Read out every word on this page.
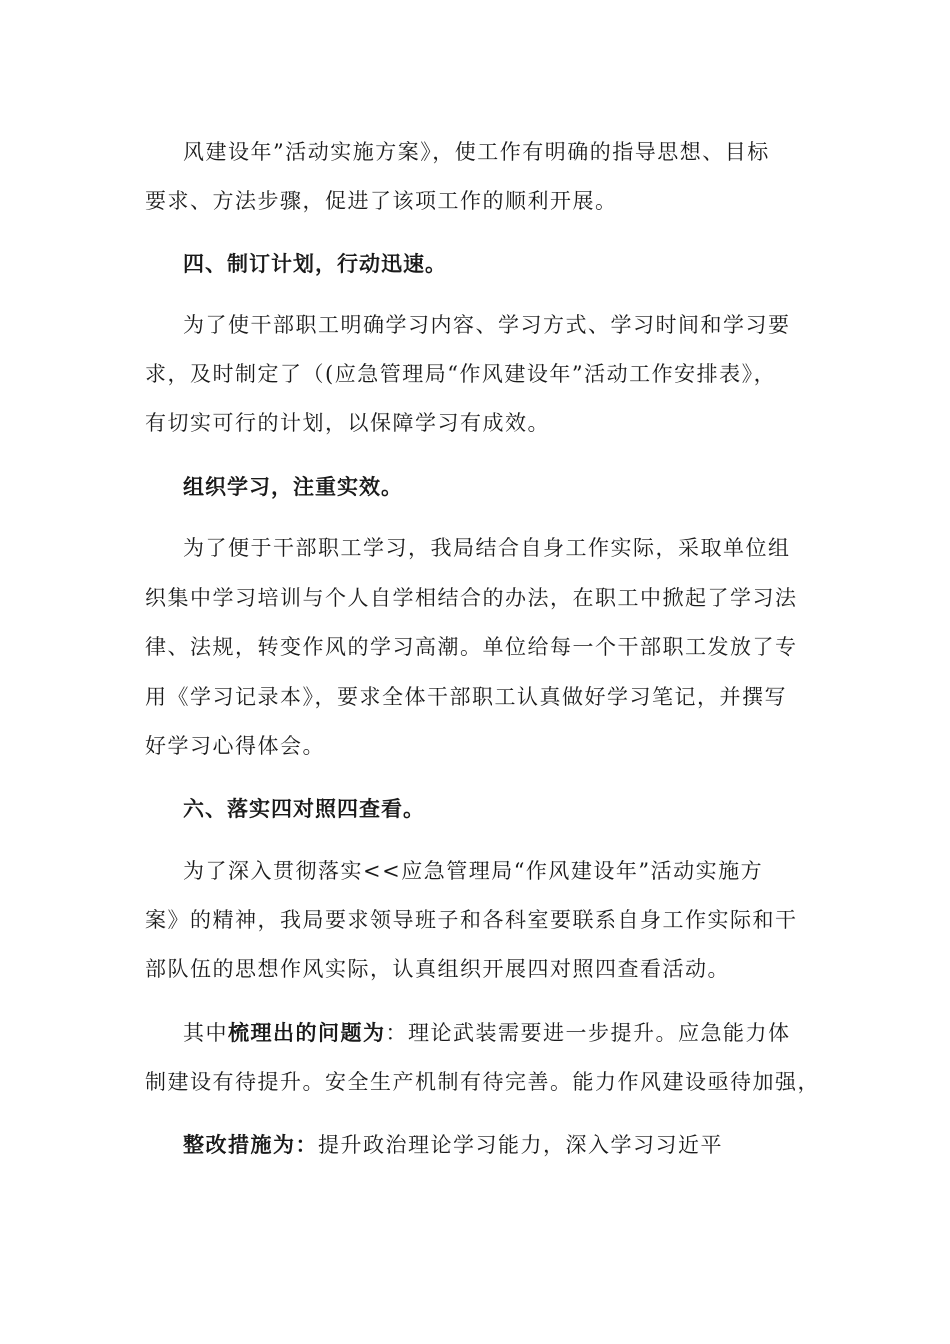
风建设年”活动实施方案》，使工作有明确的指导思想、目标
要求、方法步骤，促进了该项工作的顺利开展。
四、制订计划，行动迅速。
为了使干部职工明确学习内容、学习方式、学习时间和学习要
求，及时制定了（(应急管理局“作风建设年”活动工作安排表》，
有切实可行的计划，以保障学习有成效。
组织学习，注重实效。
为了便于干部职工学习，我局结合自身工作实际，采取单位组
织集中学习培训与个人自学相结合的办法，在职工中掀起了学习法
律、法规，转变作风的学习高潮。单位给每一个干部职工发放了专
用《学习记录本》，要求全体干部职工认真做好学习笔记，并撰写
好学习心得体会。
六、落实四对照四查看。
为了深入贯彻落实<<应急管理局“作风建设年”活动实施方
案》的精神，我局要求领导班子和各科室要联系自身工作实际和干
部队伍的思想作风实际，认真组织开展四对照四查看活动。
其中梳理出的问题为：理论武装需要进一步提升。应急能力体
制建设有待提升。安全生产机制有待完善。能力作风建设亟待加强，
整改措施为：提升政治理论学习能力，深入学习习近平
